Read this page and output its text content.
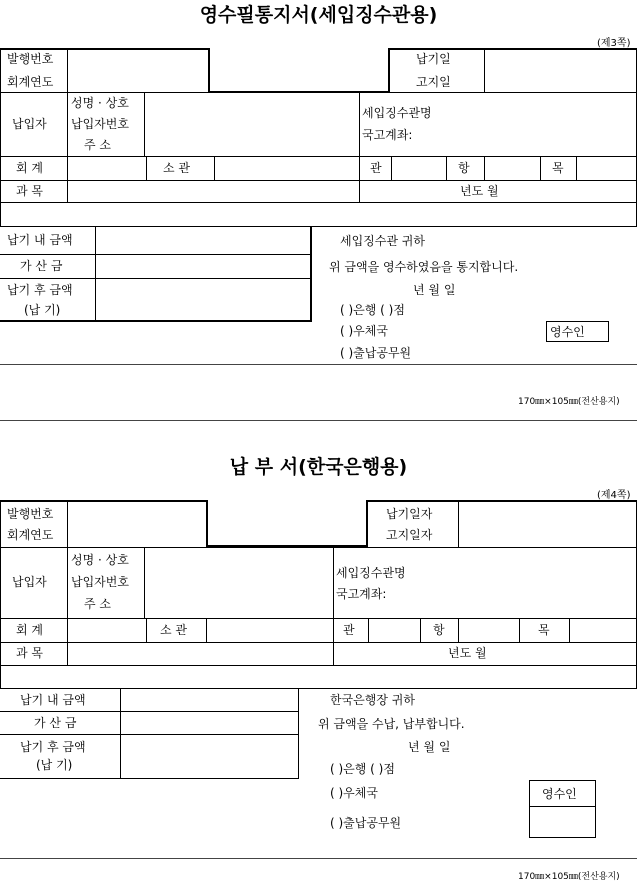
영수필통지서(세입징수관용)
(제3쪽)
발행번호
회계연도
납기일
고지일
납입자
성명 · 상호
납입자번호
주 소
세입징수관명
국고계좌:
회 계	소 관	관	항	목
과 목	년도 월
납기 내 금액
가 산 금
납기 후 금액
(납 기)
세입징수관 귀하
위 금액을 영수하였음을 통지합니다.
년 월 일
( )은행 ( )점
( )우체국
( )출납공무원
영수인
170㎜×105㎜(전산용지)
납 부 서(한국은행용)
(제4쪽)
발행번호
회계연도
납기일자
고지일자
납입자
성명 · 상호
납입자번호
주 소
세입징수관명
국고계좌:
회 계	소 관	관	항	목
과 목	년도 월
납기 내 금액
가 산 금
납기 후 금액
(납 기)
한국은행장 귀하
위 금액을 수납, 납부합니다.
년 월 일
( )은행 ( )점
( )우체국
( )출납공무원
영수인
170㎜×105㎜(전산용지)
